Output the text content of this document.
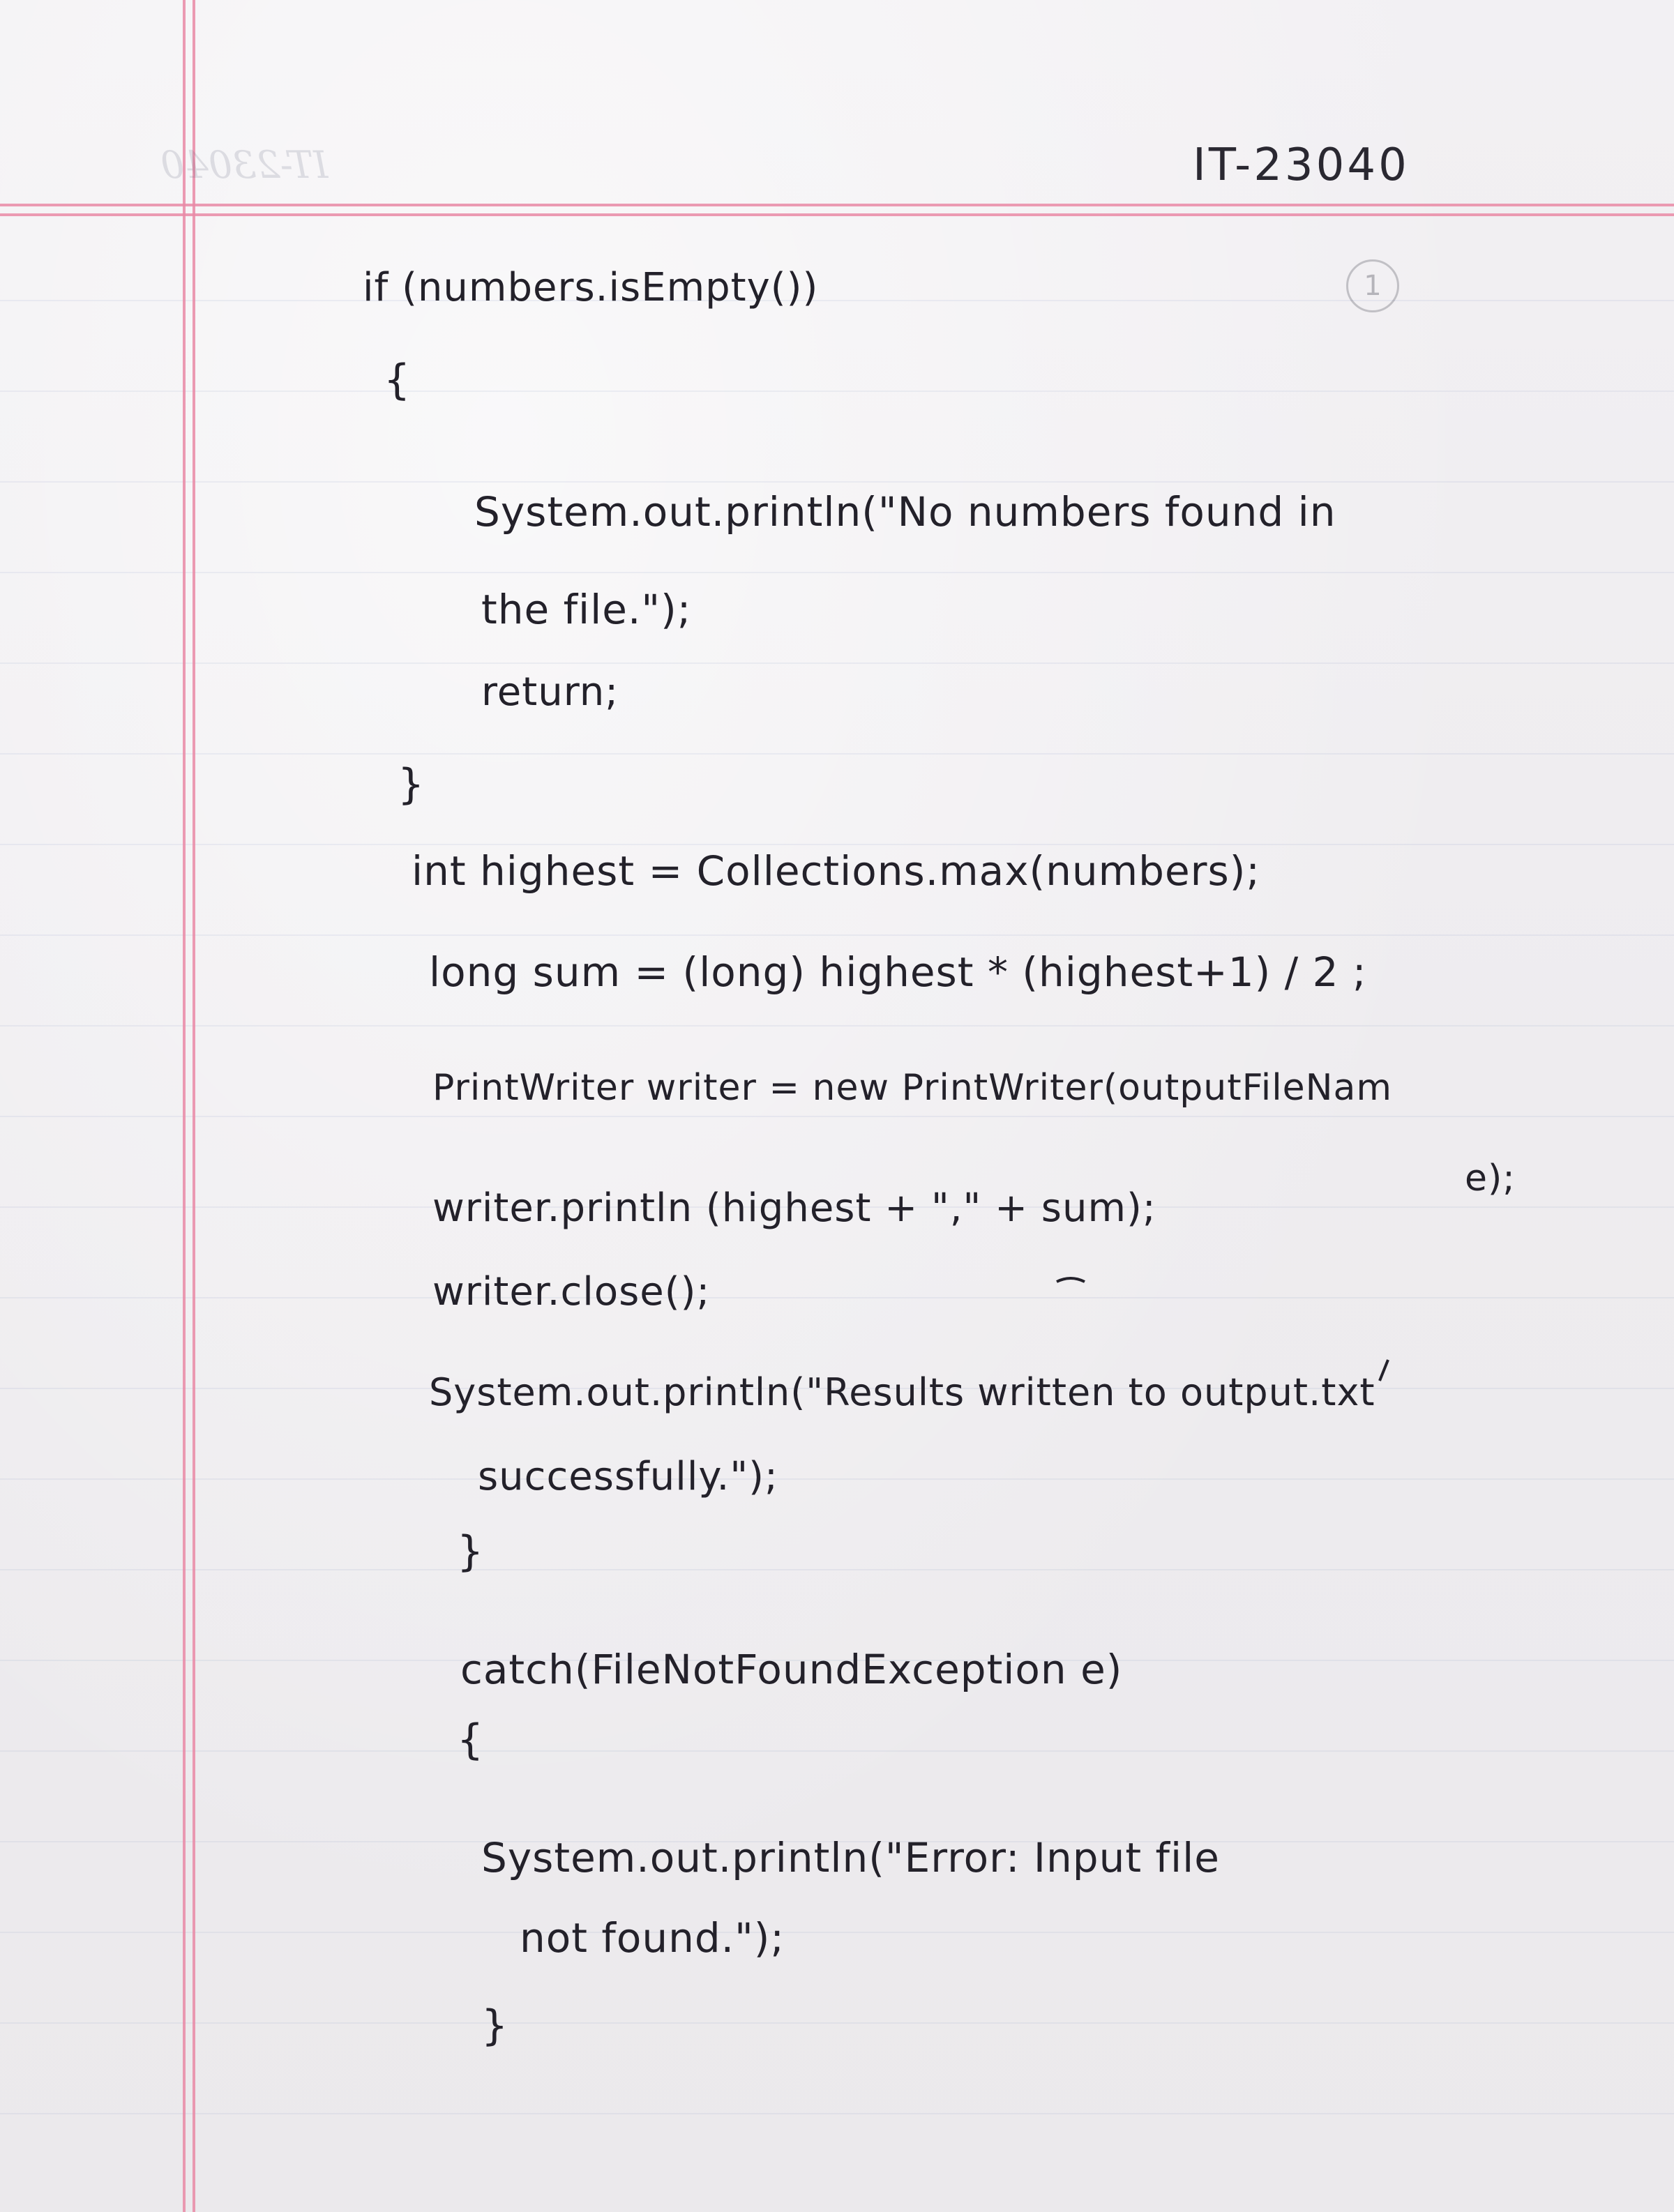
IT-23040	IT-23040
1
if (numbers.isEmpty())
{
System.out.println("No numbers found in
the file.");
return;
}
int highest = Collections.max(numbers);
long sum = (long) highest * (highest+1) / 2 ;
PrintWriter writer = new PrintWriter(outputFileNam
e);
writer.println (highest + "," + sum);
writer.close();
System.out.println("Results written to output.txt
successfully.");
}
catch(FileNotFoundException e)
{
System.out.println("Error: Input file
not found.");
}
